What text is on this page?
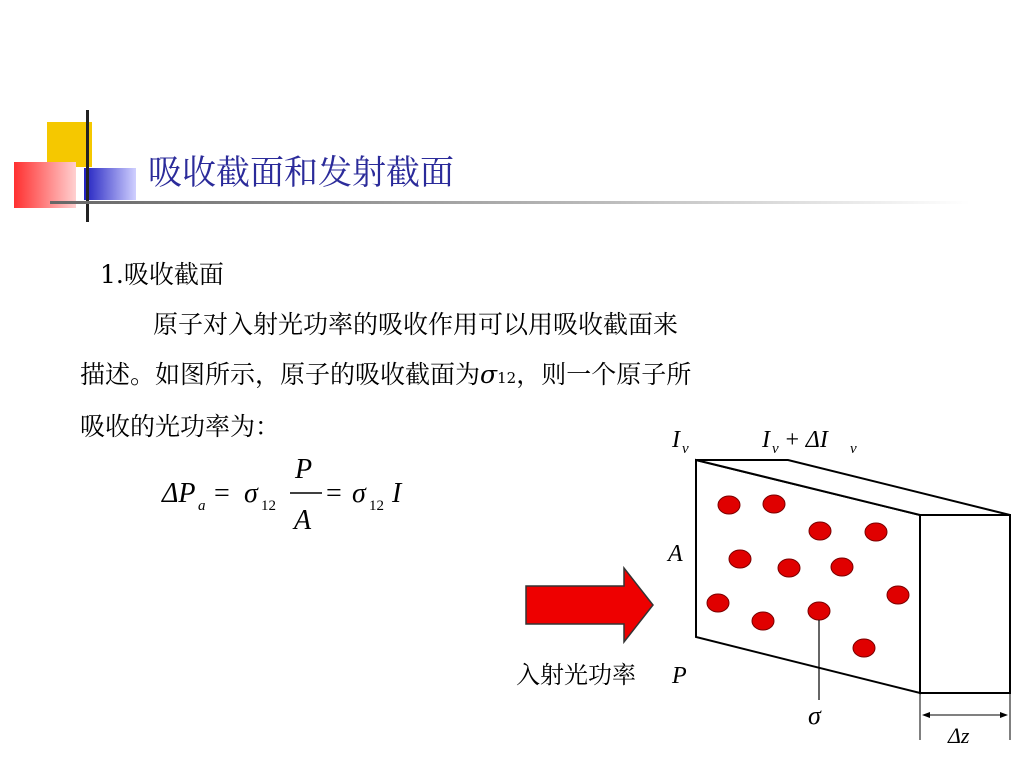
吸收截面和发射截面
1.吸收截面
原子对入射光功率的吸收作用可以用吸收截面来
描述。如图所示，原子的吸收截面为σ12，则一个原子所
吸收的光功率为：
ΔP a = σ 12
P
A
= σ 12 I
I ν	I ν + ΔI ν
A
入射光功率 P
σ
Δz
